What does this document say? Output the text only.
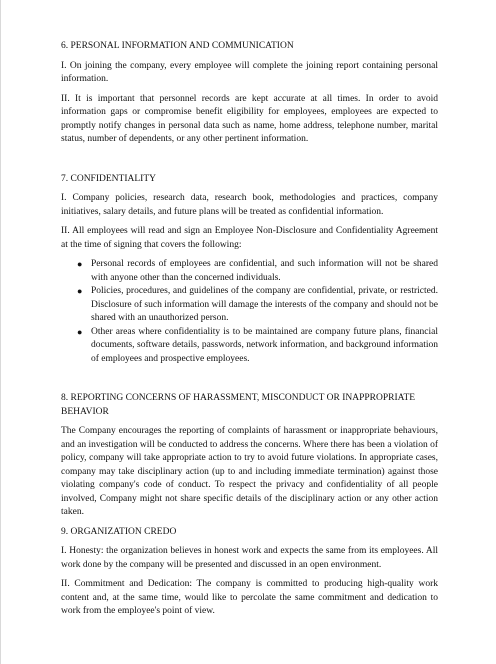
6. PERSONAL INFORMATION AND COMMUNICATION

I. On joining the company, every employee will complete the joining report containing personal information.

II. It is important that personnel records are kept accurate at all times. In order to avoid information gaps or compromise benefit eligibility for employees, employees are expected to promptly notify changes in personal data such as name, home address, telephone number, marital status, number of dependents, or any other pertinent information.

7. CONFIDENTIALITY

I. Company policies, research data, research book, methodologies and practices, company initiatives, salary details, and future plans will be treated as confidential information.

II. All employees will read and sign an Employee Non-Disclosure and Confidentiality Agreement at the time of signing that covers the following:

● Personal records of employees are confidential, and such information will not be shared with anyone other than the concerned individuals.
● Policies, procedures, and guidelines of the company are confidential, private, or restricted. Disclosure of such information will damage the interests of the company and should not be shared with an unauthorized person.
● Other areas where confidentiality is to be maintained are company future plans, financial documents, software details, passwords, network information, and background information of employees and prospective employees.
8. REPORTING CONCERNS OF HARASSMENT, MISCONDUCT OR INAPPROPRIATE BEHAVIOR

The Company encourages the reporting of complaints of harassment or inappropriate behaviours, and an investigation will be conducted to address the concerns. Where there has been a violation of policy, company will take appropriate action to try to avoid future violations. In appropriate cases, company may take disciplinary action (up to and including immediate termination) against those violating company's code of conduct. To respect the privacy and confidentiality of all people involved, Company might not share specific details of the disciplinary action or any other action taken.

9. ORGANIZATION CREDO

I. Honesty: the organization believes in honest work and expects the same from its employees. All work done by the company will be presented and discussed in an open environment.

II. Commitment and Dedication: The company is committed to producing high-quality work content and, at the same time, would like to percolate the same commitment and dedication to work from the employee's point of view.
